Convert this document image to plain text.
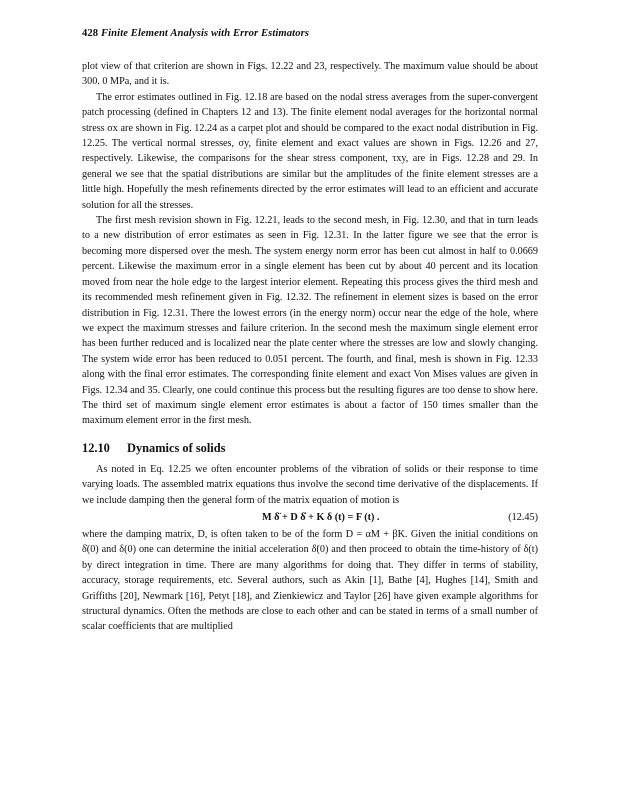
428 Finite Element Analysis with Error Estimators

plot view of that criterion are shown in Figs. 12.22 and 23, respectively. The maximum value should be about 300. 0 MPa, and it is.

The error estimates outlined in Fig. 12.18 are based on the nodal stress averages from the super-convergent patch processing (defined in Chapters 12 and 13). The finite element nodal averages for the horizontal normal stress σx are shown in Fig. 12.24 as a carpet plot and should be compared to the exact nodal distribution in Fig. 12.25. The vertical normal stresses, σy, finite element and exact values are shown in Figs. 12.26 and 27, respectively. Likewise, the comparisons for the shear stress component, τxy, are in Figs. 12.28 and 29. In general we see that the spatial distributions are similar but the amplitudes of the finite element stresses are a little high. Hopefully the mesh refinements directed by the error estimates will lead to an efficient and accurate solution for all the stresses.

The first mesh revision shown in Fig. 12.21, leads to the second mesh, in Fig. 12.30, and that in turn leads to a new distribution of error estimates as seen in Fig. 12.31. In the latter figure we see that the error is becoming more dispersed over the mesh. The system energy norm error has been cut almost in half to 0.0669 percent. Likewise the maximum error in a single element has been cut by about 40 percent and its location moved from near the hole edge to the largest interior element. Repeating this process gives the third mesh and its recommended mesh refinement given in Fig. 12.32. The refinement in element sizes is based on the error distribution in Fig. 12.31. There the lowest errors (in the energy norm) occur near the edge of the hole, where we expect the maximum stresses and failure criterion. In the second mesh the maximum single element error has been further reduced and is localized near the plate center where the stresses are low and slowly changing. The system wide error has been reduced to 0.051 percent. The fourth, and final, mesh is shown in Fig. 12.33 along with the final error estimates. The corresponding finite element and exact Von Mises values are given in Figs. 12.34 and 35. Clearly, one could continue this process but the resulting figures are too dense to show here. The third set of maximum single element error estimates is about a factor of 150 times smaller than the maximum element error in the first mesh.

12.10 Dynamics of solids

As noted in Eq. 12.25 we often encounter problems of the vibration of solids or their response to time varying loads. The assembled matrix equations thus involve the second time derivative of the displacements. If we include damping then the general form of the matrix equation of motion is

M δ̈ + D δ̇ + K δ (t) = F (t) .	(12.45)

where the damping matrix, D, is often taken to be of the form D = αM + βK. Given the initial conditions on δ̇(0) and δ(0) one can determine the initial acceleration δ̈(0) and then proceed to obtain the time-history of δ(t) by direct integration in time. There are many algorithms for doing that. They differ in terms of stability, accuracy, storage requirements, etc. Several authors, such as Akin [1], Bathe [4], Hughes [14], Smith and Griffiths [20], Newmark [16], Petyt [18], and Zienkiewicz and Taylor [26] have given example algorithms for structural dynamics. Often the methods are close to each other and can be stated in terms of a small number of scalar coefficients that are multiplied
